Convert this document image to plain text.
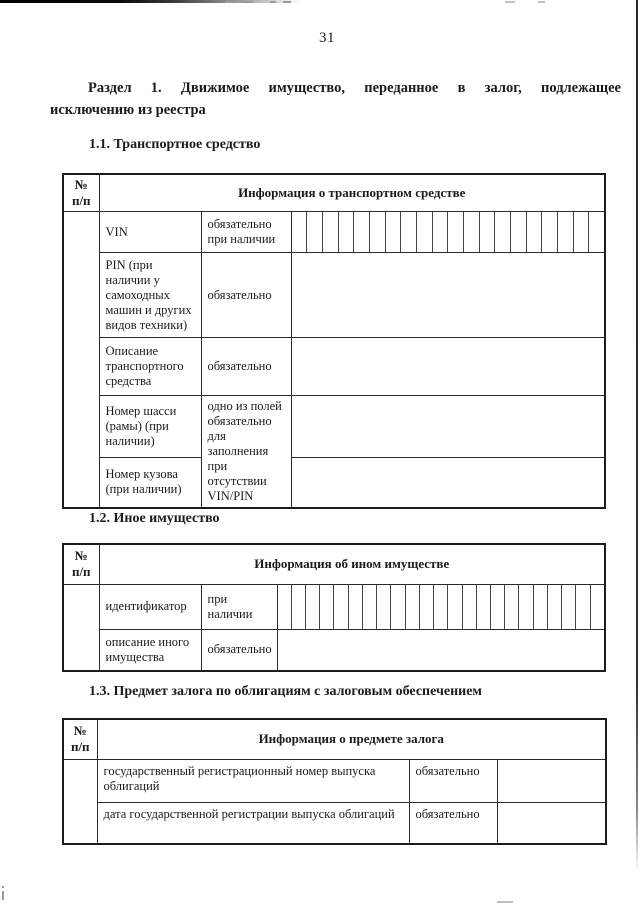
31
Раздел 1. Движимое имущество, переданное в залог, подлежащее
исключению из реестра
1.1. Транспортное средство
№
п/п	Информация о транспортном средстве		
	VIN	обязательно при наличии	

	PIN (при наличии у самоходных машин и других видов техники)	обязательно	
	Описание транспортного средства	обязательно	
	Номер шасси (рамы) (при наличии)	одно из полей обязательно для заполнения при отсутствии VIN/PIN	
	Номер кузова (при наличии)		
1.2. Иное имущество
№
п/п	Информация об ином имуществе		
	идентификатор	при наличии	

	описание иного имущества	обязательно	
1.3. Предмет залога по облигациям с залоговым обеспечением
№
п/п	Информация о предмете залога		
	государственный регистрационный номер выпуска облигаций	обязательно	
	дата государственной регистрации выпуска облигаций	обязательно	
